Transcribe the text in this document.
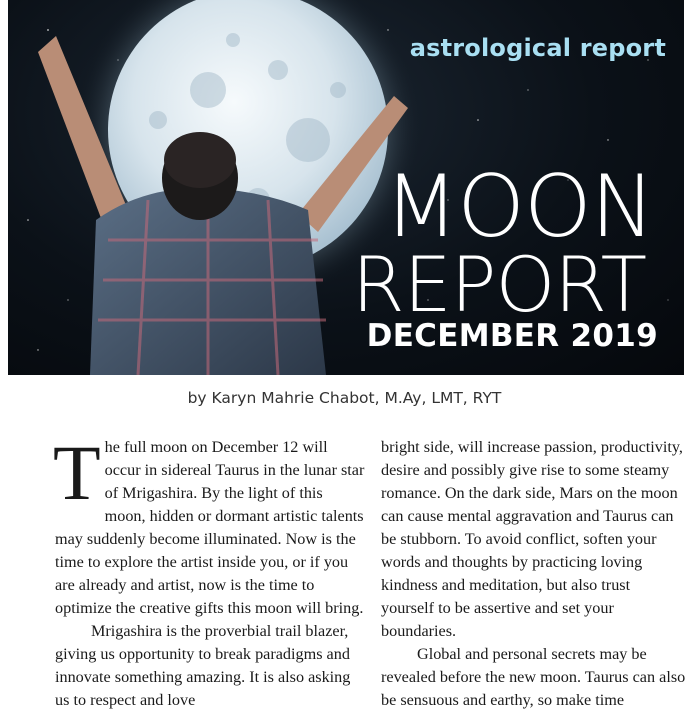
astrological report
MOON
REPORT
DECEMBER 2019
by Karyn Mahrie Chabot, M.Ay, LMT, RYT

The full moon on December 12 will occur in sidereal Taurus in the lunar star of Mrigashira. By the light of this moon, hidden or dormant artistic talents may suddenly become illuminated. Now is the time to explore the artist inside you, or if you are already and artist, now is the time to optimize the creative gifts this moon will bring.

Mrigashira is the proverbial trail blazer, giving us opportunity to break paradigms and innovate something amazing. It is also asking us to respect and love

bright side, will increase passion, productivity, desire and possibly give rise to some steamy romance. On the dark side, Mars on the moon can cause mental aggravation and Taurus can be stubborn. To avoid conflict, soften your words and thoughts by practicing loving kindness and meditation, but also trust yourself to be assertive and set your boundaries.

Global and personal secrets may be revealed before the new moon. Taurus can also be sensuous and earthy, so make time
